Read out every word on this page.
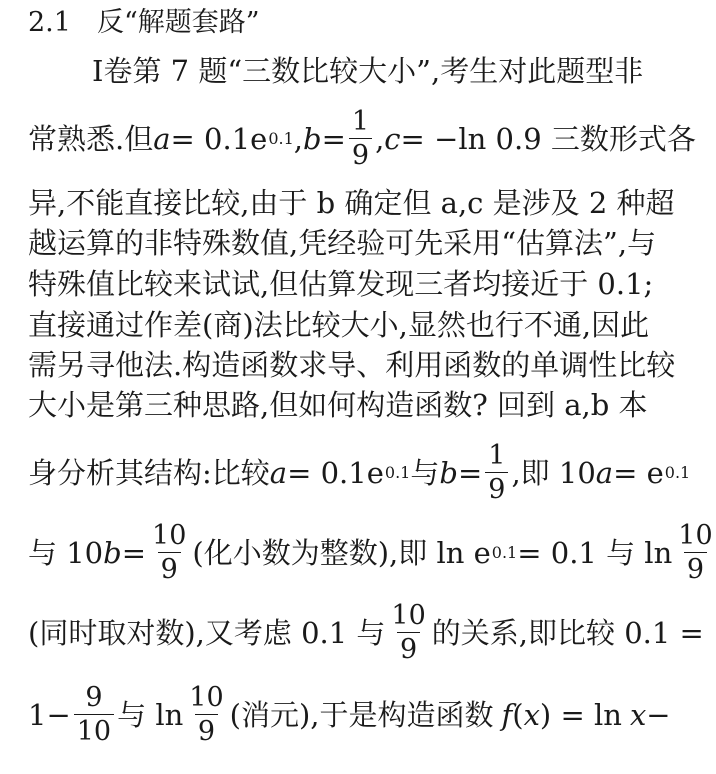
2.1 反“解题套路”
Ⅰ卷第 7 题“三数比较大小”,考生对此题型非
常熟悉.但 a = 0.1e 0.1 , $b = \frac{1}{9}$ , c = −ln 0.9 三数形式各
异,不能直接比较,由于 b 确定但 a,c 是涉及 2 种超
越运算的非特殊数值,凭经验可先采用“估算法”,与
特殊值比较来试试,但估算发现三者均接近于 0.1;
直接通过作差(商)法比较大小,显然也行不通,因此
需另寻他法.构造函数求导、利用函数的单调性比较
大小是第三种思路,但如何构造函数? 回到 a,b 本
身分析其结构:比较 a = 0.1e 0.1 与 $b = \frac{1}{9}$ ,即 10 a = e 0.1
与 10 $b = \frac{10}{9}$ (化小数为整数),即 ln e 0.1 = 0.1 与 $\ln \frac{10}{9}$
(同时取对数),又考虑 0.1 与 $\frac{10}{9}$ 的关系,即比较 0.1 =
$1- \frac{9}{10}$ 与 $\ln \frac{10}{9}$ (消元),于是构造函数 f ( x ) = ln x −
